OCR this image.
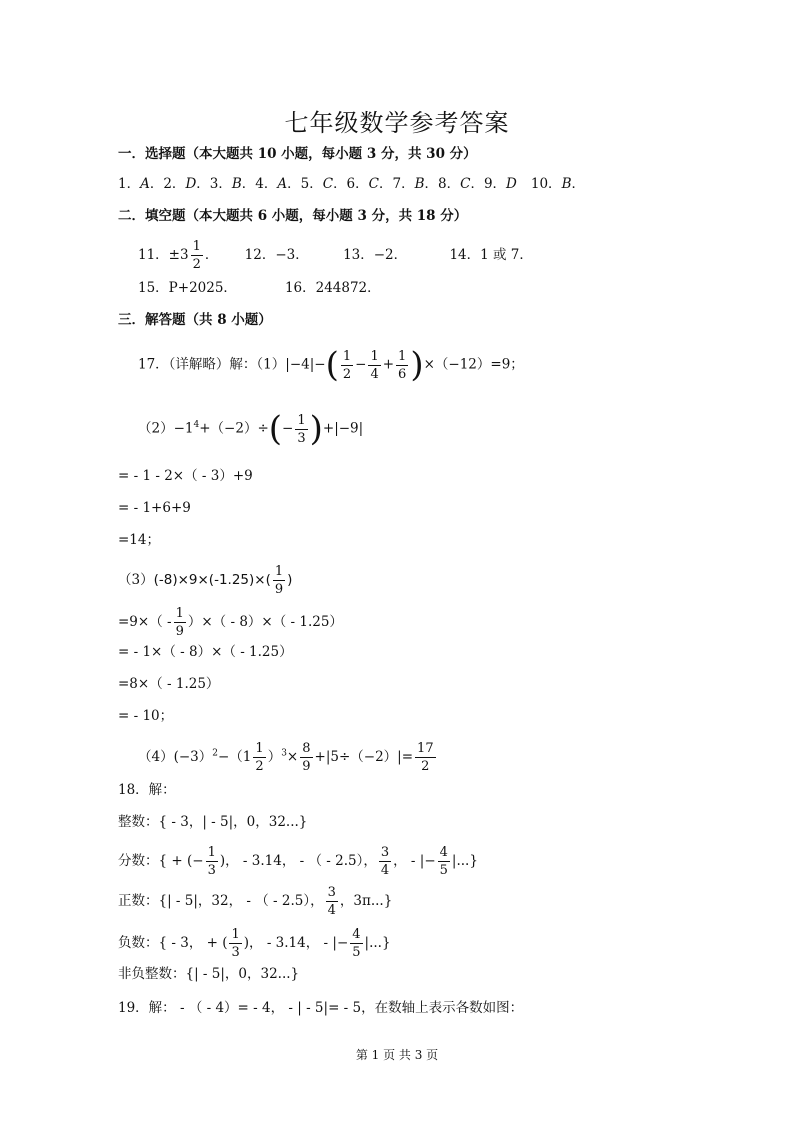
七年级数学参考答案
一．选择题（本大题共 10 小题，每小题 3 分，共 30 分）
1．A．2．D．3．B．4．A．5．C．6．C．7．B．8．C．9．D 10．B．
二．填空题（本大题共 6 小题，每小题 3 分，共 18 分）
11．$\pm 3 \frac{1}{2}$ ． 12．−3．	13．−2．	14．1 或 7．
15．P+2025．	16．244872．
三．解答题（共 8 小题）
17．（详解略）解：$(1)|-4|-( \frac{1}{2} - \frac{1}{4} + \frac{1}{6} )\times(-12)=9$；
$(2)-1^4+(-2)\div(- \frac{1}{3} )+|-9|$
= - 1 - 2×（ - 3）+9
= - 1+6+9
=14；
$(3)(-8)\times 9\times(-1.25)\times( \frac{1}{9}$ )
$=9\times( - \frac{1}{9}$ ）×（ - 8）×（ - 1.25）
= - 1×（ - 8）×（ - 1.25）
=8×（ - 1.25）
= - 10；
$(4)(-3)^2-(1 \frac{1}{2} )^3\times \frac{8}{9} +|5\div(-2)|= \frac{17}{2}$
18．解：
整数：{ - 3，| - 5|，0，32...}
分数：{ + (− $\frac{1}{3}$ )， - 3.14， - （ - 2.5）， $\frac{3}{4}$ ， - |− $\frac{4}{5}$ |...}
正数：{| - 5|，32， - （ - 2.5）， $\frac{3}{4}$ ，3π...}
负数：{ - 3， + ( $\frac{1}{3}$ )， - 3.14， - |− $\frac{4}{5}$ |...}
非负整数：{| - 5|，0，32...}
19．解： - （ - 4）= - 4， - | - 5|= - 5，在数轴上表示各数如图：
第 1 页 共 3 页
